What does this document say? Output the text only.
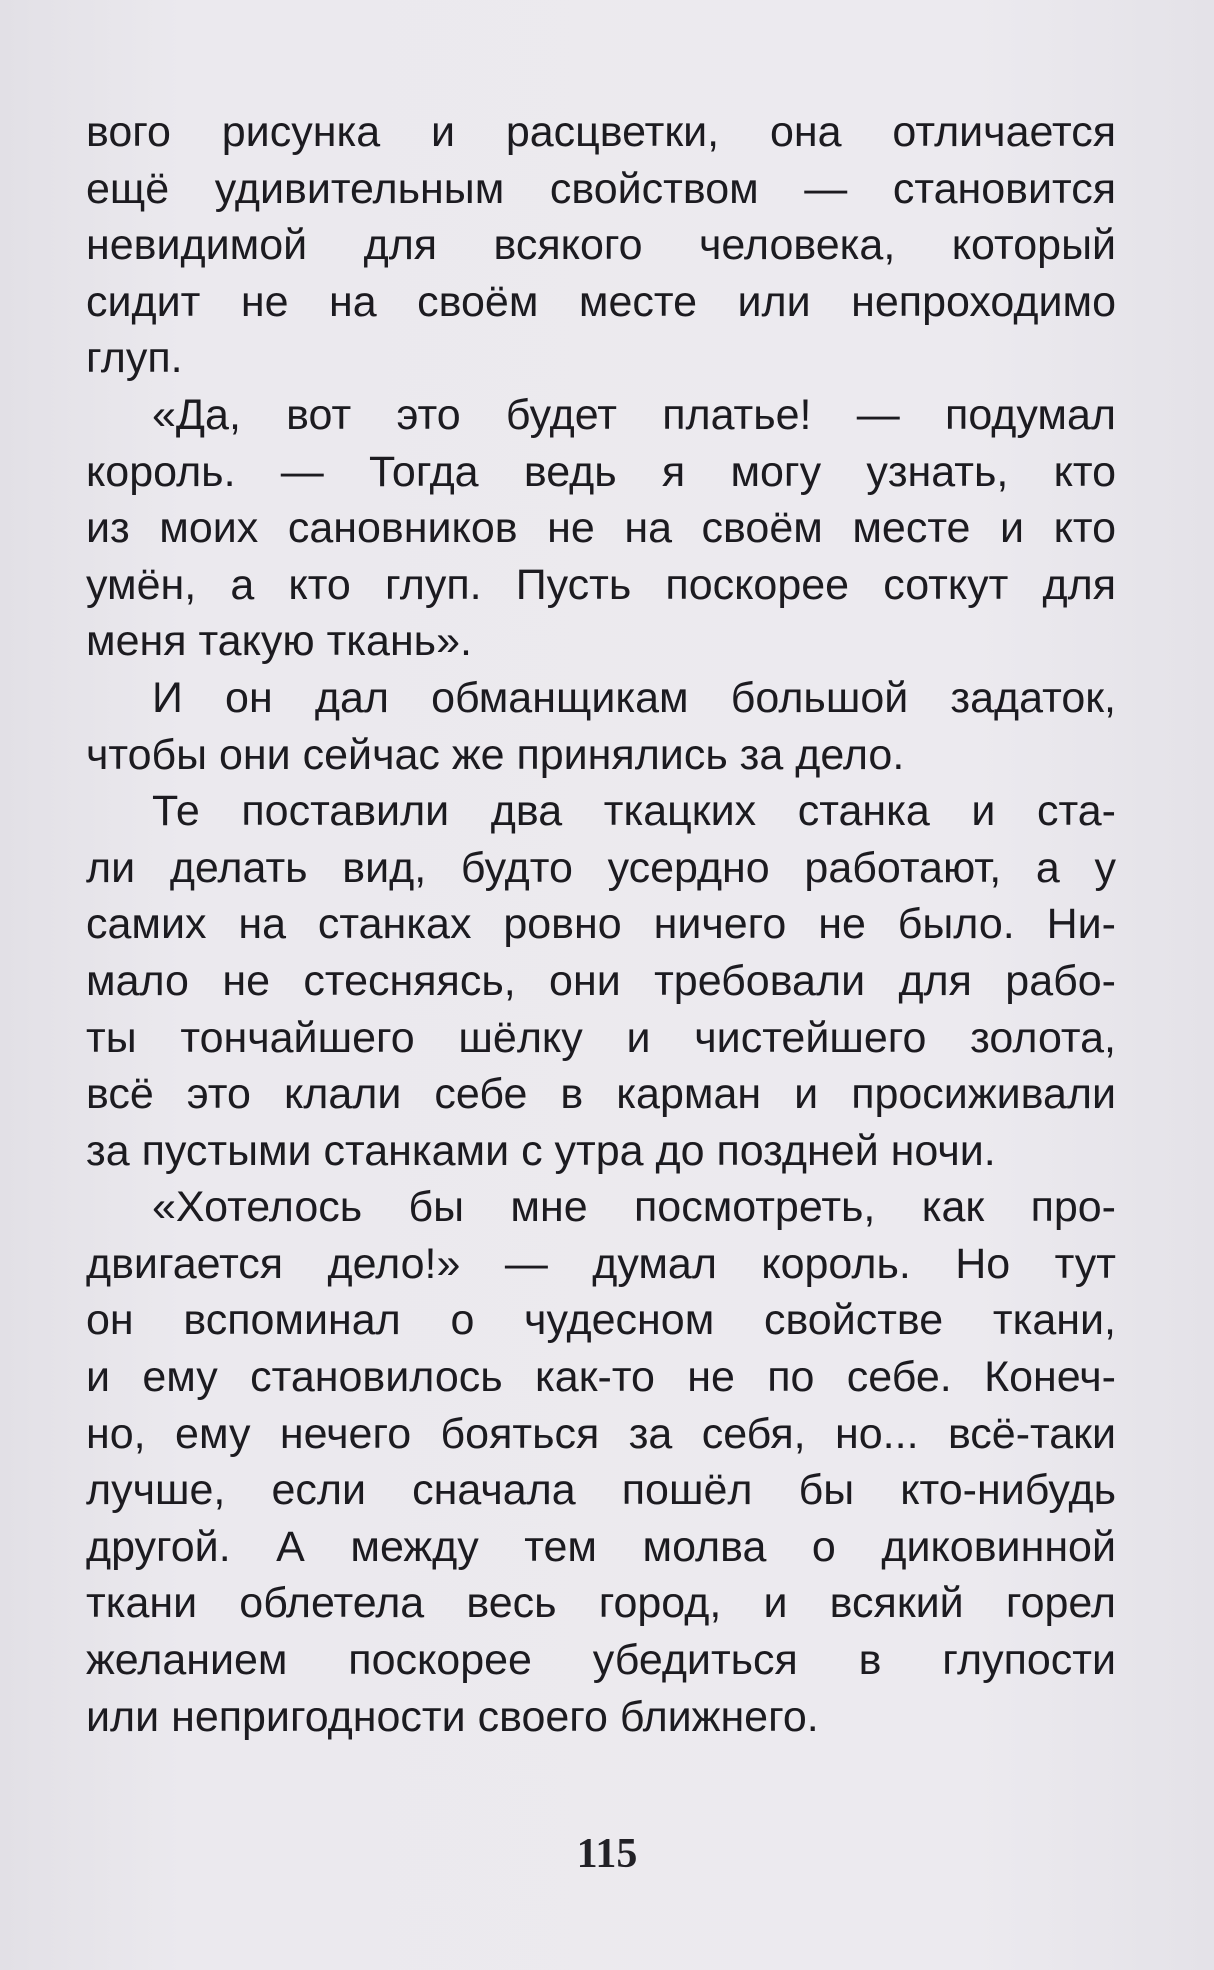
вого рисунка и расцветки, она отличается
ещё удивительным свойством — становится
невидимой для всякого человека, который
сидит не на своём месте или непроходимо
глуп.
«Да, вот это будет платье! — подумал
король. — Тогда ведь я могу узнать, кто
из моих сановников не на своём месте и кто
умён, а кто глуп. Пусть поскорее соткут для
меня такую ткань».
И он дал обманщикам большой задаток,
чтобы они сейчас же принялись за дело.
Те поставили два ткацких станка и ста-
ли делать вид, будто усердно работают, а у
самих на станках ровно ничего не было. Ни-
мало не стесняясь, они требовали для рабо-
ты тончайшего шёлку и чистейшего золота,
всё это клали себе в карман и просиживали
за пустыми станками с утра до поздней ночи.
«Хотелось бы мне посмотреть, как про-
двигается дело!» — думал король. Но тут
он вспоминал о чудесном свойстве ткани,
и ему становилось как-то не по себе. Конеч-
но, ему нечего бояться за себя, но... всё-таки
лучше, если сначала пошёл бы кто-нибудь
другой. А между тем молва о диковинной
ткани облетела весь город, и всякий горел
желанием поскорее убедиться в глупости
или непригодности своего ближнего.
115
